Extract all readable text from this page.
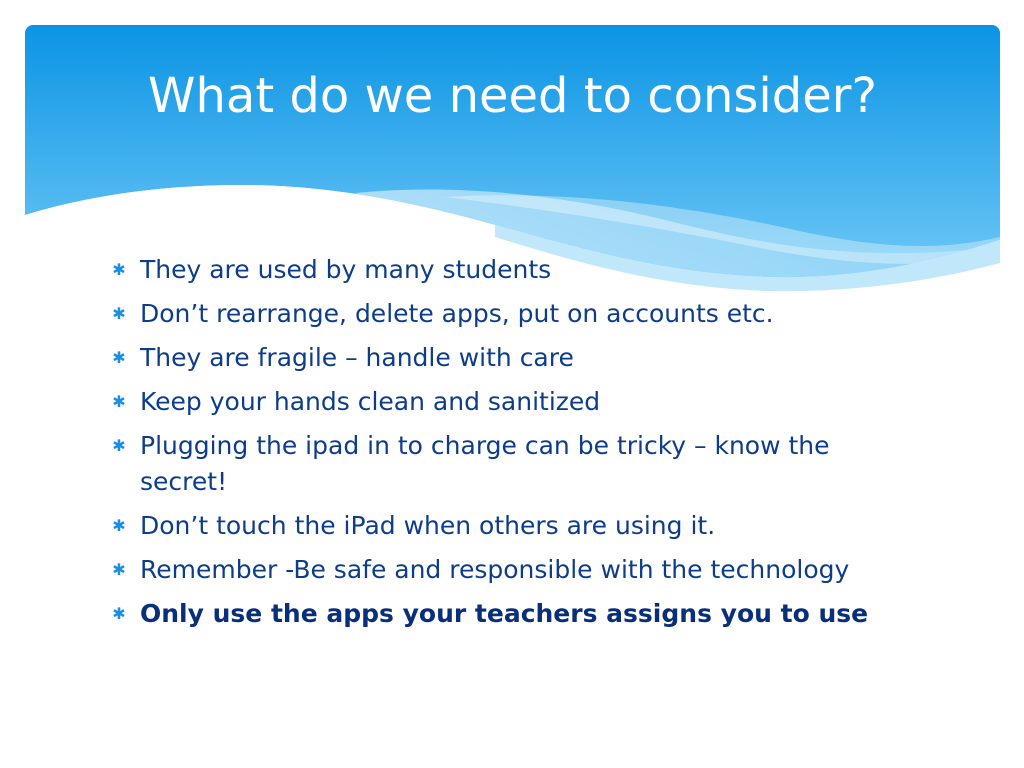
What do we need to consider?
✱ They are used by many students
✱ Don’t rearrange, delete apps, put on accounts etc.
✱ They are fragile – handle with care
✱ Keep your hands clean and sanitized
✱ Plugging the ipad in to charge can be tricky – know the secret!
✱ Don’t touch the iPad when others are using it.
✱ Remember -Be safe and responsible with the technology
✱ Only use the apps your teachers assigns you to use
